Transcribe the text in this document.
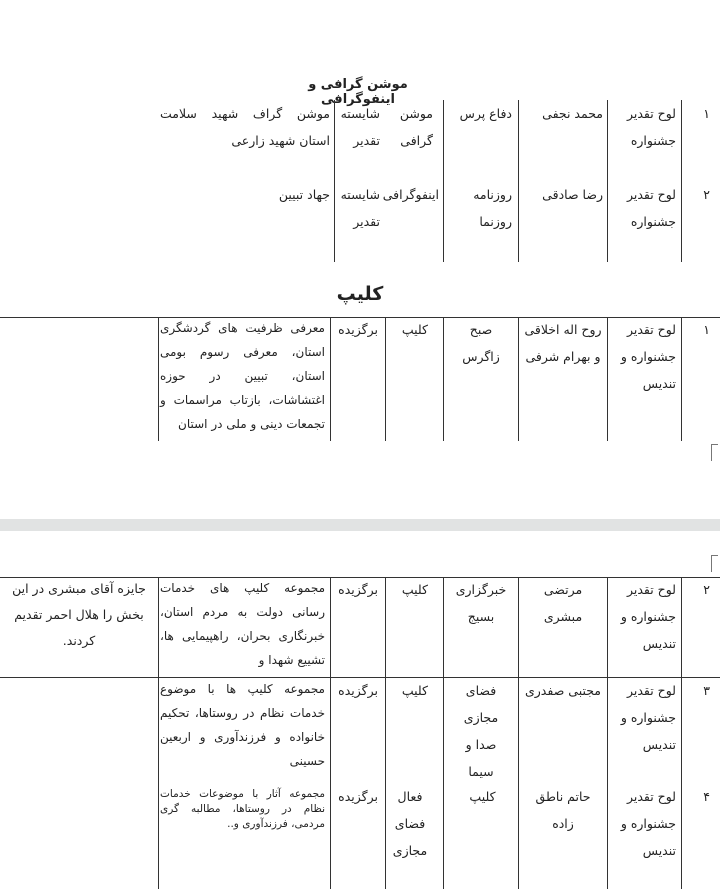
موشن گرافی و اینفوگرافی
۱
لوح تقدیر جشنواره
محمد نجفی
دفاع پرس
موشن گرافی
شایسته تقدیر
موشن گراف شهید سلامت استان شهید زارعی
۲
لوح تقدیر جشنواره
رضا صادقی
روزنامه روزنما
اینفوگرافی
شایسته تقدیر
جهاد تبیین
کلیپ
۱
لوح تقدیر جشنواره و تندیس
روح اله اخلاقی و بهرام شرفی
صبح زاگرس
کلیپ
برگزیده
معرفی ظرفیت های گردشگری استان، معرفی رسوم بومی استان، تبیین در حوزه اغتشاشات، بازتاب مراسمات و تجمعات دینی و ملی در استان
۲
لوح تقدیر جشنواره و تندیس
مرتضی مبشری
خبرگزاری بسیج
کلیپ
برگزیده
مجموعه کلیپ های خدمات رسانی دولت به مردم استان، خبرنگاری بحران، راهپیمایی ها، تشییع شهدا و
جایزه آقای مبشری در این بخش را هلال احمر تقدیم کردند.
۳
لوح تقدیر جشنواره و تندیس
مجتبی صفدری
فضای مجازی صدا و سیما
کلیپ
برگزیده
مجموعه کلیپ ها با موضوع خدمات نظام در روستاها، تحکیم خانواده و فرزندآوری و اربعین حسینی
۴
لوح تقدیر جشنواره و تندیس
حاتم ناطق زاده
کلیپ
فعال فضای مجازی
برگزیده
مجموعه آثار با موضوعات خدمات نظام در روستاها، مطالبه گری مردمی، فرزندآوری و..
